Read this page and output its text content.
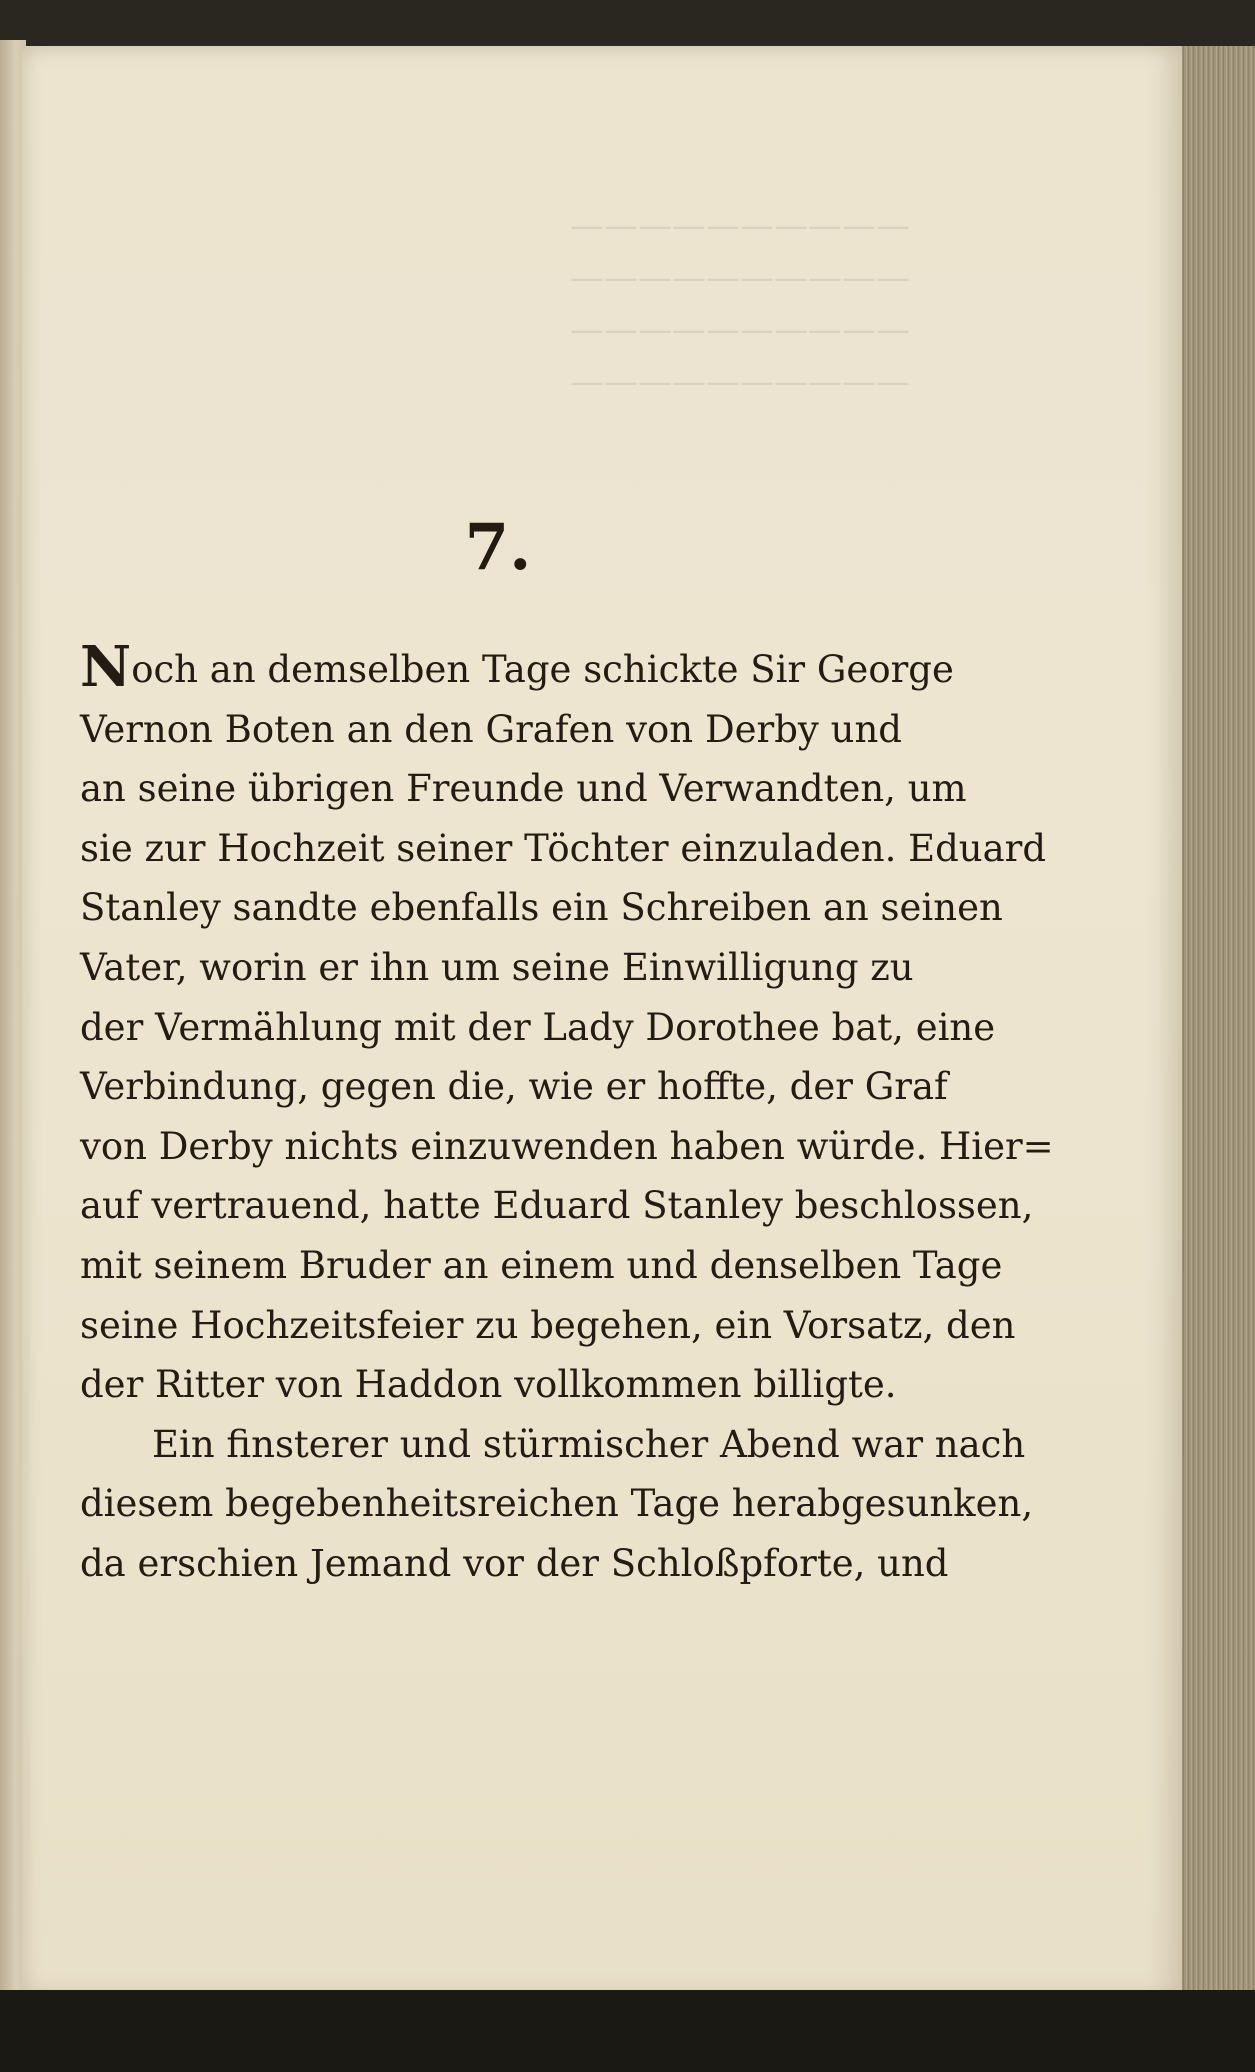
——————————
——————————
——————————
——————————
7.
Noch an demselben Tage schickte Sir George
Vernon Boten an den Grafen von Derby und
an seine übrigen Freunde und Verwandten, um
sie zur Hochzeit seiner Töchter einzuladen. Eduard
Stanley sandte ebenfalls ein Schreiben an seinen
Vater, worin er ihn um seine Einwilligung zu
der Vermählung mit der Lady Dorothee bat, eine
Verbindung, gegen die, wie er hoffte, der Graf
von Derby nichts einzuwenden haben würde. Hier=
auf vertrauend, hatte Eduard Stanley beschlossen,
mit seinem Bruder an einem und denselben Tage
seine Hochzeitsfeier zu begehen, ein Vorsatz, den
der Ritter von Haddon vollkommen billigte.
Ein finsterer und stürmischer Abend war nach
diesem begebenheitsreichen Tage herabgesunken,
da erschien Jemand vor der Schloßpforte, und
